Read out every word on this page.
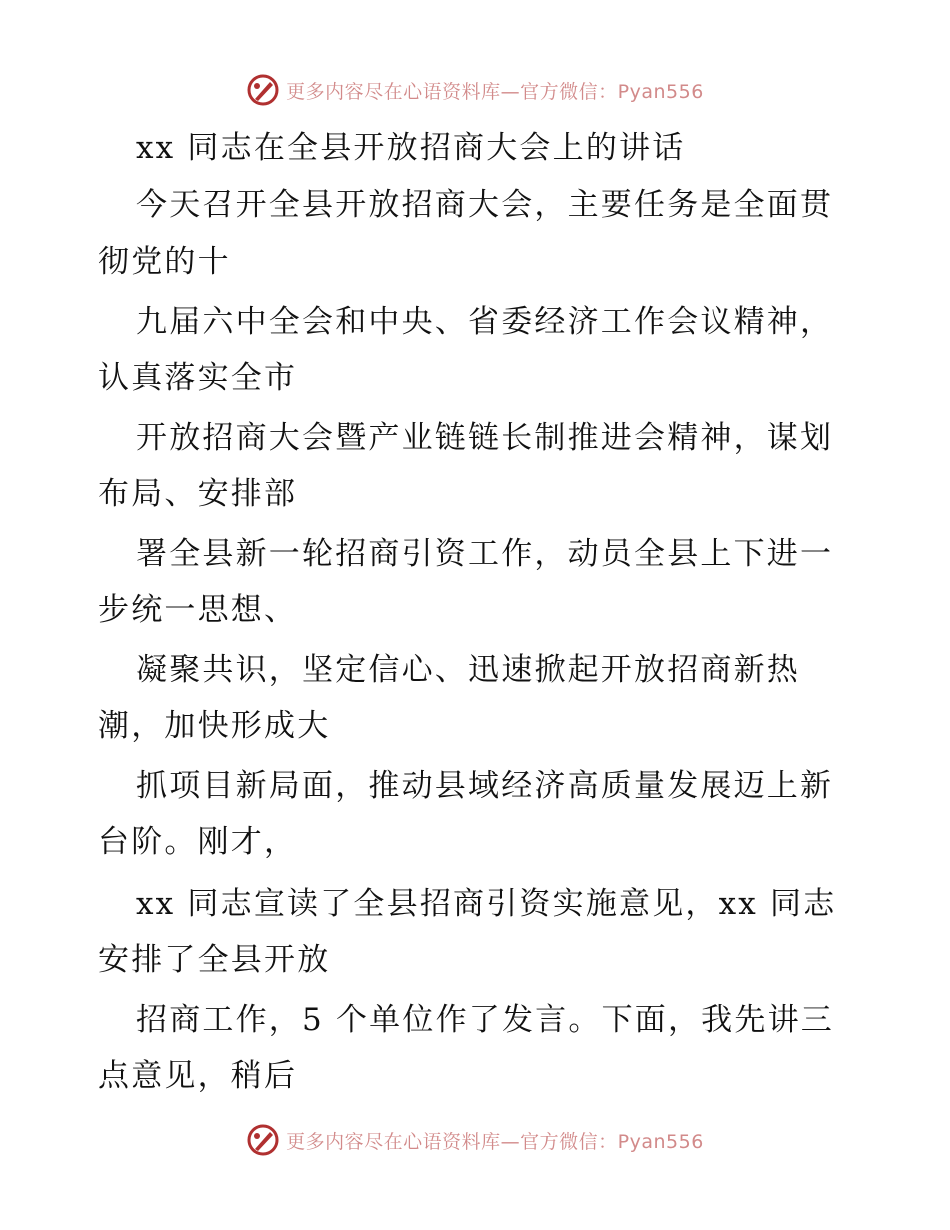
更多内容尽在心语资料库—官方微信：Pyan556
xx 同志在全县开放招商大会上的讲话
今天召开全县开放招商大会，主要任务是全面贯
彻党的十
九届六中全会和中央、省委经济工作会议精神，
认真落实全市
开放招商大会暨产业链链长制推进会精神，谋划
布局、安排部
署全县新一轮招商引资工作，动员全县上下进一
步统一思想、
凝聚共识，坚定信心、迅速掀起开放招商新热
潮，加快形成大
抓项目新局面，推动县域经济高质量发展迈上新
台阶。刚才，
xx 同志宣读了全县招商引资实施意见，xx 同志
安排了全县开放
招商工作，5 个单位作了发言。下面，我先讲三
点意见，稍后
更多内容尽在心语资料库—官方微信：Pyan556
